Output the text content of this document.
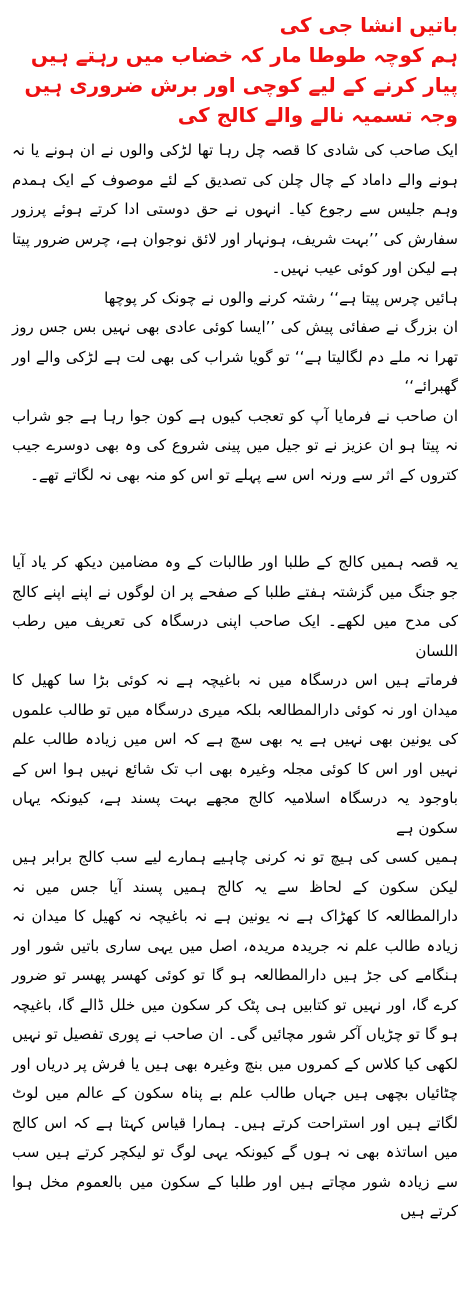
باتیں انشا جی کی
ہم کوچہ طوطا مار کہ خضاب میں رہتے ہیں
پیار کرنے کے لیے کوچی اور برش ضروری ہیں
وجہ تسمیہ نالے والے کالج کی

ایک صاحب کی شادی کا قصہ چل رہا تھا لڑکی والوں نے ان ہونے یا نہ ہونے والے داماد کے چال چلن کی تصدیق کے لئے موصوف کے ایک ہمدم وہم جلیس سے رجوع کیا۔ انہوں نے حق دوستی ادا کرتے ہوئے پرزور سفارش کی ’’بہت شریف، ہونہار اور لائق نوجوان ہے، چرس ضرور پیتا ہے لیکن اور کوئی عیب نہیں۔

ہائیں چرس پیتا ہے‘‘ رشتہ کرنے والوں نے چونک کر پوچھا

ان بزرگ نے صفائی پیش کی ’’ایسا کوئی عادی بھی نہیں بس جس روز تھرا نہ ملے دم لگالیتا ہے‘‘ تو گویا شراب کی بھی لت ہے لڑکی والے اور گھبرائے‘‘

ان صاحب نے فرمایا آپ کو تعجب کیوں ہے کون جوا رہا ہے جو شراب نہ پیتا ہو ان عزیز نے تو جیل میں پینی شروع کی وہ بھی دوسرے جیب کتروں کے اثر سے ورنہ اس سے پہلے تو اس کو منہ بھی نہ لگاتے تھے۔

یہ قصہ ہمیں کالج کے طلبا اور طالبات کے وہ مضامین دیکھ کر یاد آیا جو جنگ میں گزشتہ ہفتے طلبا کے صفحے پر ان لوگوں نے اپنے اپنے کالج کی مدح میں لکھے۔ ایک صاحب اپنی درسگاہ کی تعریف میں رطب اللسان

فرماتے ہیں اس درسگاہ میں نہ باغیچہ ہے نہ کوئی بڑا سا کھیل کا میدان اور نہ کوئی دارالمطالعہ بلکہ میری درسگاہ میں تو طالب علموں کی یونین بھی نہیں ہے یہ بھی سچ ہے کہ اس میں زیادہ طالب علم نہیں اور اس کا کوئی مجلہ وغیرہ بھی اب تک شائع نہیں ہوا اس کے باوجود یہ درسگاہ اسلامیہ کالج مجھے بہت پسند ہے، کیونکہ یہاں سکون ہے

ہمیں کسی کی ہیچ تو نہ کرنی چاہیے ہمارے لیے سب کالج برابر ہیں لیکن سکون کے لحاظ سے یہ کالج ہمیں پسند آیا جس میں نہ دارالمطالعہ کا کھڑاک ہے نہ یونین ہے نہ باغیچہ نہ کھیل کا میدان نہ زیادہ طالب علم نہ جریدہ مریدہ، اصل میں یہی ساری باتیں شور اور ہنگامے کی جڑ ہیں دارالمطالعہ ہو گا تو کوئی کھسر پھسر تو ضرور کرے گا، اور نہیں تو کتابیں ہی پٹک کر سکون میں خلل ڈالے گا، باغیچہ ہو گا تو چڑیاں آکر شور مچائیں گی۔ ان صاحب نے پوری تفصیل تو نہیں لکھی کیا کلاس کے کمروں میں بنچ وغیرہ بھی ہیں یا فرش پر دریاں اور چٹائیاں بچھی ہیں جہاں طالب علم بے پناہ سکون کے عالم میں لوٹ لگاتے ہیں اور استراحت کرتے ہیں۔ ہمارا قیاس کہتا ہے کہ اس کالج میں اساتذہ بھی نہ ہوں گے کیونکہ یہی لوگ تو لیکچر کرتے ہیں سب سے زیادہ شور مچاتے ہیں اور طلبا کے سکون میں بالعموم مخل ہوا کرتے ہیں
